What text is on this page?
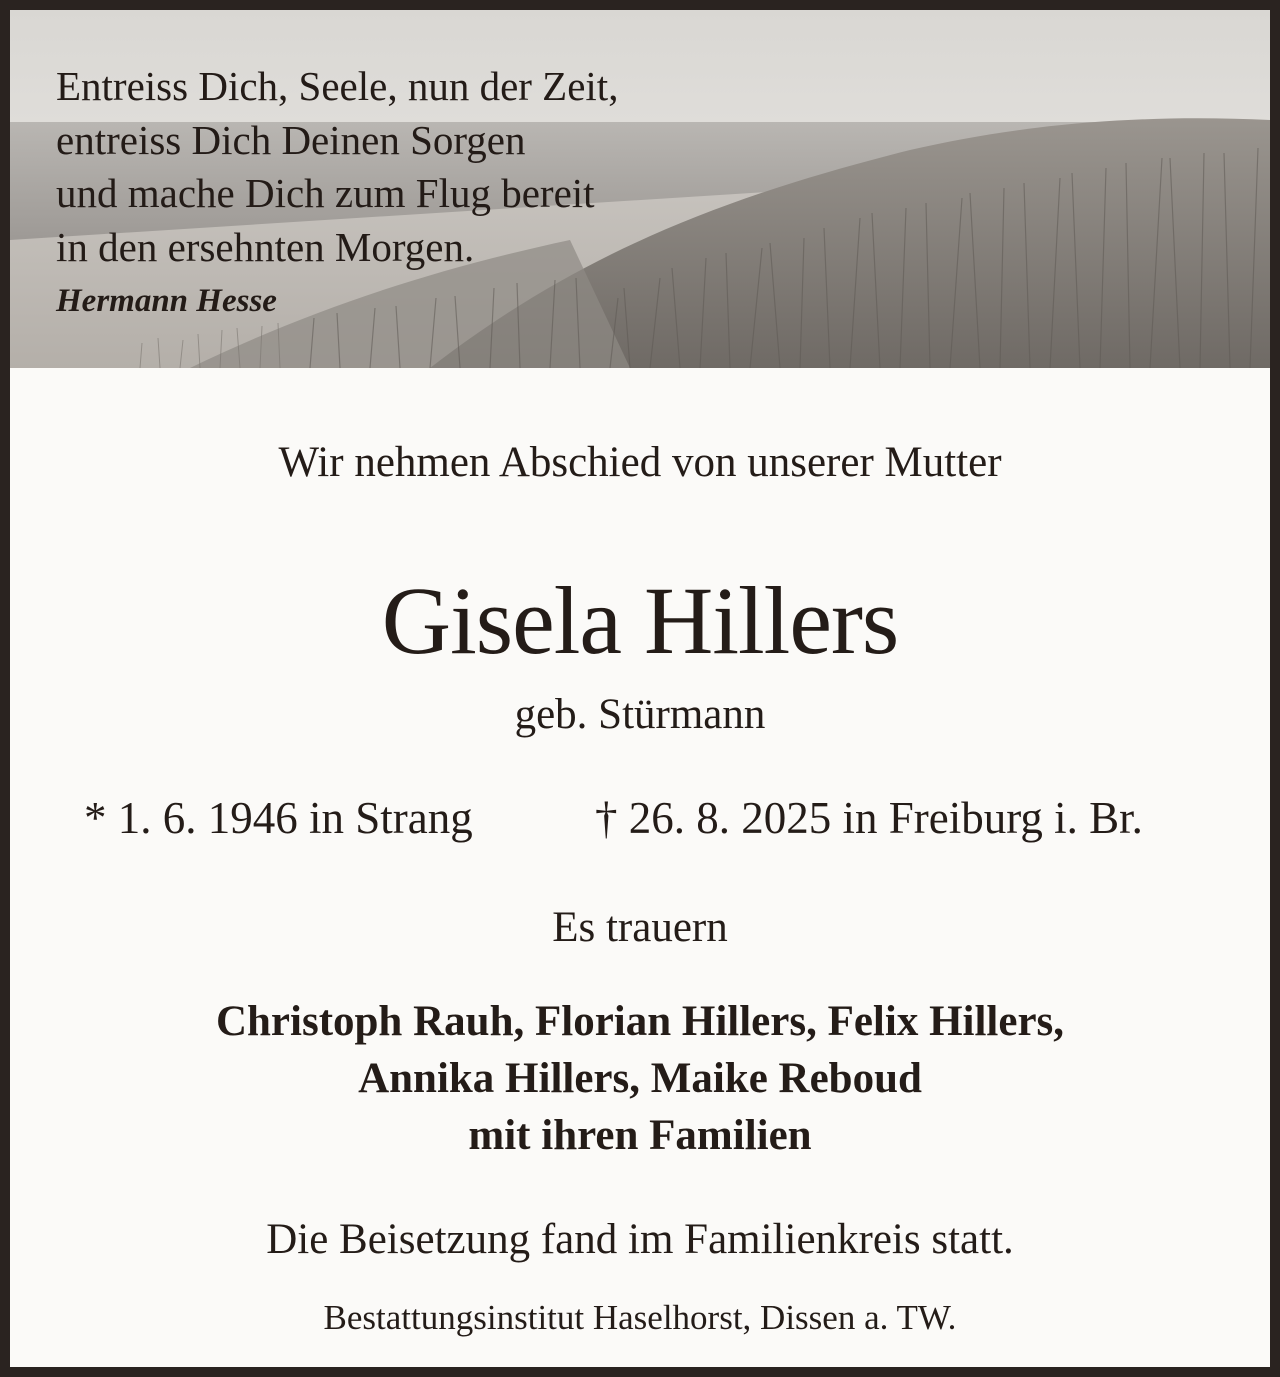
Entreiss Dich, Seele, nun der Zeit,
entreiss Dich Deinen Sorgen
und mache Dich zum Flug bereit
in den ersehnten Morgen.
Hermann Hesse
Wir nehmen Abschied von unserer Mutter
Gisela Hillers
geb. Stürmann
* 1. 6. 1946 in Strang	† 26. 8. 2025 in Freiburg i. Br.
Es trauern
Christoph Rauh, Florian Hillers, Felix Hillers,
Annika Hillers, Maike Reboud
mit ihren Familien
Die Beisetzung fand im Familienkreis statt.
Bestattungsinstitut Haselhorst, Dissen a. TW.
